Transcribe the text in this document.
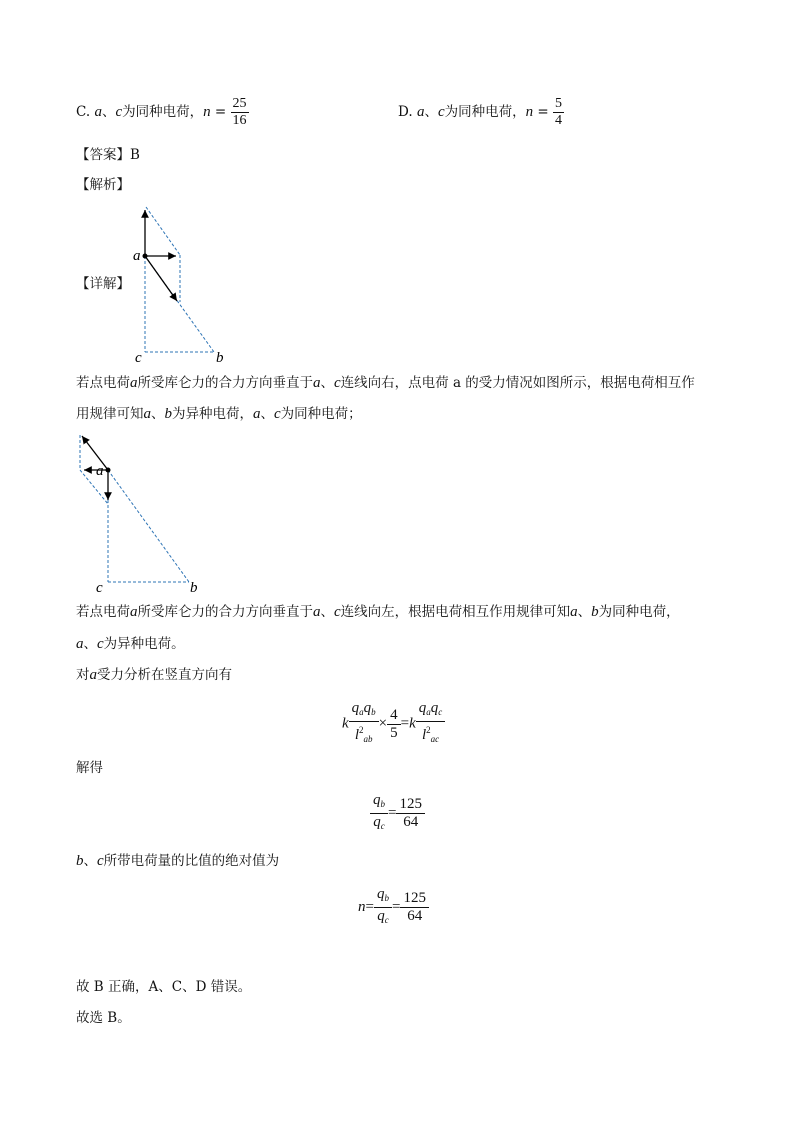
C. a、c为同种电荷，$n = \frac{25}{16}$	D. a、c为同种电荷，$n = \frac{5}{4}$
【答案】B
【解析】
【详解】
a
c	b
若点电荷a所受库仑力的合力方向垂直于a、c连线向右，点电荷 a 的受力情况如图所示，根据电荷相互作
用规律可知a、b为异种电荷，a、c为同种电荷；
a
c	b
若点电荷a所受库仑力的合力方向垂直于a、c连线向左，根据电荷相互作用规律可知a、b为同种电荷，
a、c为异种电荷。
对a受力分析在竖直方向有
k $\frac{q_aq_b}{l^2_{ab}} \times \frac{4}{5} =k \frac{q_aq_c}{l^2_{ac}}$
解得
$\frac{q_b}{q_c} = \frac{125}{64}$
b、c所带电荷量的比值的绝对值为
$n= \frac{q_b}{q_c} = \frac{125}{64}$
故 B 正确，A、C、D 错误。
故选 B。
